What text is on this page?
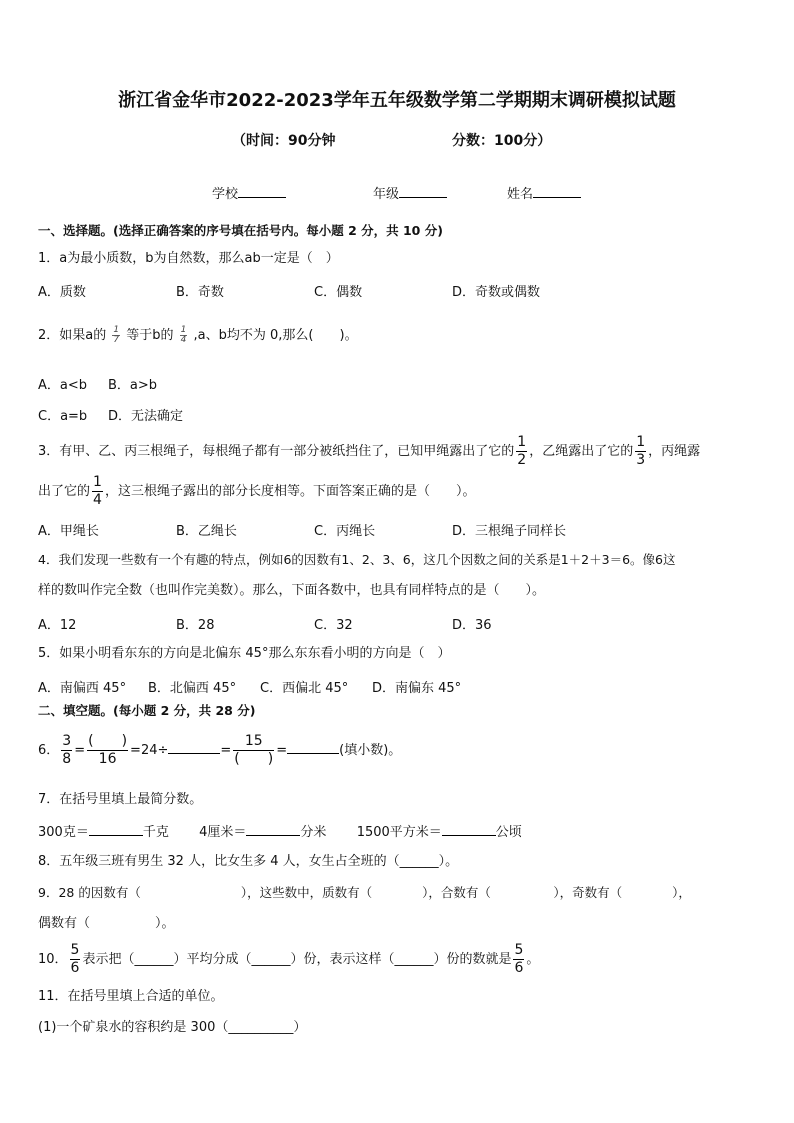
浙江省金华市2022-2023学年五年级数学第二学期期末调研模拟试题
（时间：90分钟	分数：100分）
学校	年级	姓名
一、选择题。(选择正确答案的序号填在括号内。每小题 2 分，共 10 分)
1．a为最小质数，b为自然数，那么ab一定是（　）
A．质数	B．奇数	C．偶数	D．奇数或偶数
2．如果a的 $\frac{1}{7}$ 等于b的 $\frac{1}{4} ,a$、b均不为 0,那么(　　)。
A．a<b B．a>b
C．a=b D．无法确定
3．有甲、乙、丙三根绳子，每根绳子都有一部分被纸挡住了，已知甲绳露出了它的 $\frac{1}{2}$ ，乙绳露出了它的 $\frac{1}{3}$ ，丙绳露
出了它的 $\frac{1}{4}$ ，这三根绳子露出的部分长度相等。下面答案正确的是（　　）。
A．甲绳长	B．乙绳长	C．丙绳长	D．三根绳子同样长
4．我们发现一些数有一个有趣的特点，例如6的因数有1、2、3、6，这几个因数之间的关系是1＋2＋3＝6。像6这
样的数叫作完全数（也叫作完美数）。那么，下面各数中，也具有同样特点的是（　　）。
A．12	B．28	C．32	D．36
5．如果小明看东东的方向是北偏东 45°那么东东看小明的方向是（　）
A．南偏西 45° B．北偏西 45° C．西偏北 45° D．南偏东 45°
二、填空题。(每小题 2 分，共 28 分)
6． $\frac{3}{8} = \frac{( )}{16} =24\div$	= $\frac{15}{( )}$ =	(填小数)。
7．在括号里填上最简分数。
300克＝	千克 4厘米＝	分米 1500平方米＝	公顷
8．五年级三班有男生 32 人，比女生多 4 人，女生占全班的（______）。
9．28 的因数有（　　　　　　　　），这些数中，质数有（　　　　），合数有（　　　　　），奇数有（　　　　），
偶数有（　　　　　）。
10． $\frac{5}{6}$ 表示把（______）平均分成（______）份，表示这样（______）份的数就是 $\frac{5}{6}$ 。
11．在括号里填上合适的单位。
(1)一个矿泉水的容积约是 300（__________）
